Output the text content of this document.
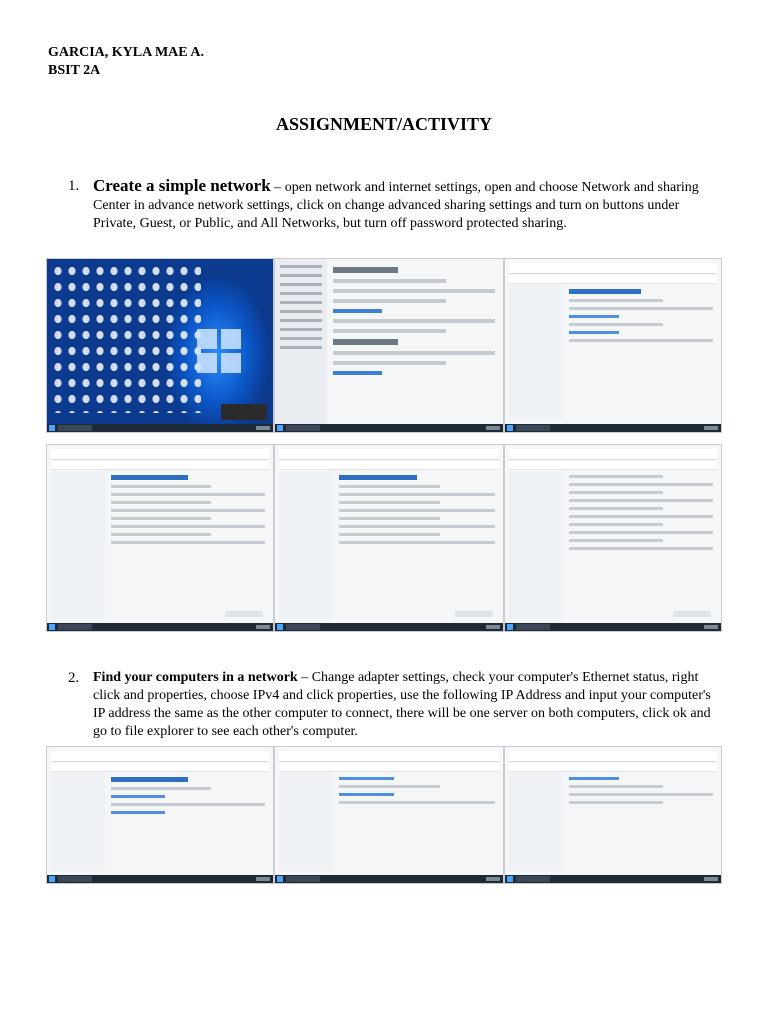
GARCIA, KYLA MAE A.
BSIT 2A
ASSIGNMENT/ACTIVITY
1. Create a simple network – open network and internet settings, open and choose Network and sharing Center in advance network settings, click on change advanced sharing settings and turn on buttons under Private, Guest, or Public, and All Networks, but turn off password protected sharing.
2. Find your computers in a network – Change adapter settings, check your computer's Ethernet status, right click and properties, choose IPv4 and click properties, use the following IP Address and input your computer's IP address the same as the other computer to connect, there will be one server on both computers, click ok and go to file explorer to see each other's computer.
